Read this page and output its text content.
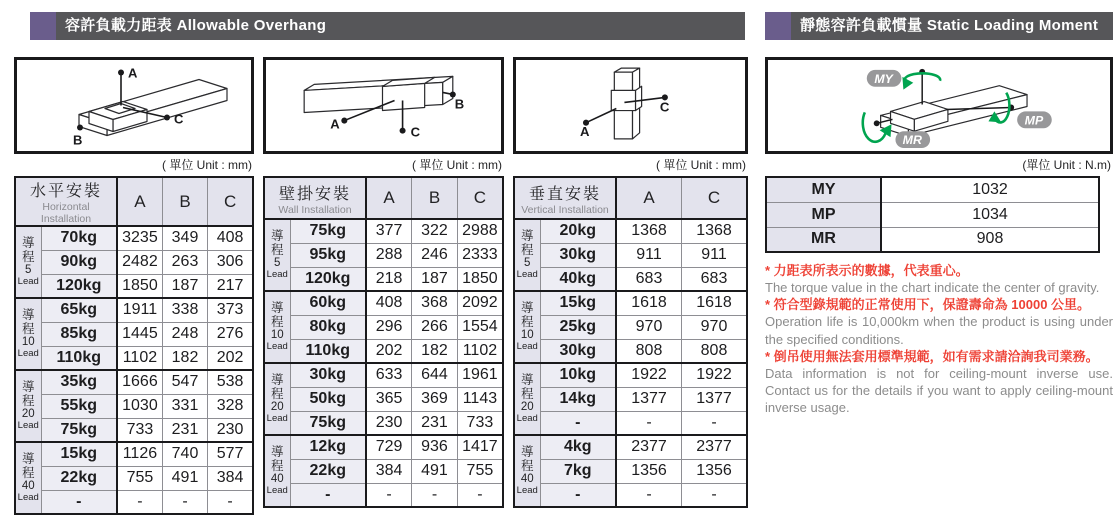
容許負載力距表 Allowable Overhang	靜態容許負載慣量 Static Loading Moment
A
C
B
( 單位 Unit : mm)
水平安裝
Horizontal Installation		A	B	C

導
程
5
Lead	70kg	3235	349	408
	90kg	2482	263	306
	120kg	1850	187	217

導
程
10
Lead	65kg	1911	338	373
	85kg	1445	248	276
	110kg	1102	182	202

導
程
20
Lead	35kg	1666	547	538
	55kg	1030	331	328
	75kg	733	231	230

導
程
40
Lead	15kg	1126	740	577
	22kg	755	491	384
	-	-	-	-
A
C
B
( 單位 Unit : mm)
壁掛安裝
Wall Installation		A	B	C

導
程
5
Lead	75kg	377	322	2988
	95kg	288	246	2333
	120kg	218	187	1850

導
程
10
Lead	60kg	408	368	2092
	80kg	296	266	1554
	110kg	202	182	1102

導
程
20
Lead	30kg	633	644	1961
	50kg	365	369	1143
	75kg	230	231	733

導
程
40
Lead	12kg	729	936	1417
	22kg	384	491	755
	-	-	-	-
A
C
( 單位 Unit : mm)
垂直安裝
Vertical Installation		A	C

導
程
5
Lead	20kg	1368	1368
	30kg	911	911
	40kg	683	683

導
程
10
Lead	15kg	1618	1618
	25kg	970	970
	30kg	808	808

導
程
20
Lead	10kg	1922	1922
	14kg	1377	1377
	-	-	-

導
程
40
Lead	4kg	2377	2377
	7kg	1356	1356
	-	-	-
MY
MP
MR
(單位 Unit : N.m)
MY	1032
MP	1034
MR	908
* 力距表所表示的數據，代表重心。
The torque value in the chart indicate the center of gravity.
* 符合型錄規範的正常使用下，保證壽命為 10000 公里。
Operation life is 10,000km when the product is using under the specified conditions.
* 倒吊使用無法套用標準規範，如有需求請洽詢我司業務。
Data information is not for ceiling-mount inverse use. Contact us for the details if you want to apply ceiling-mount inverse usage.
